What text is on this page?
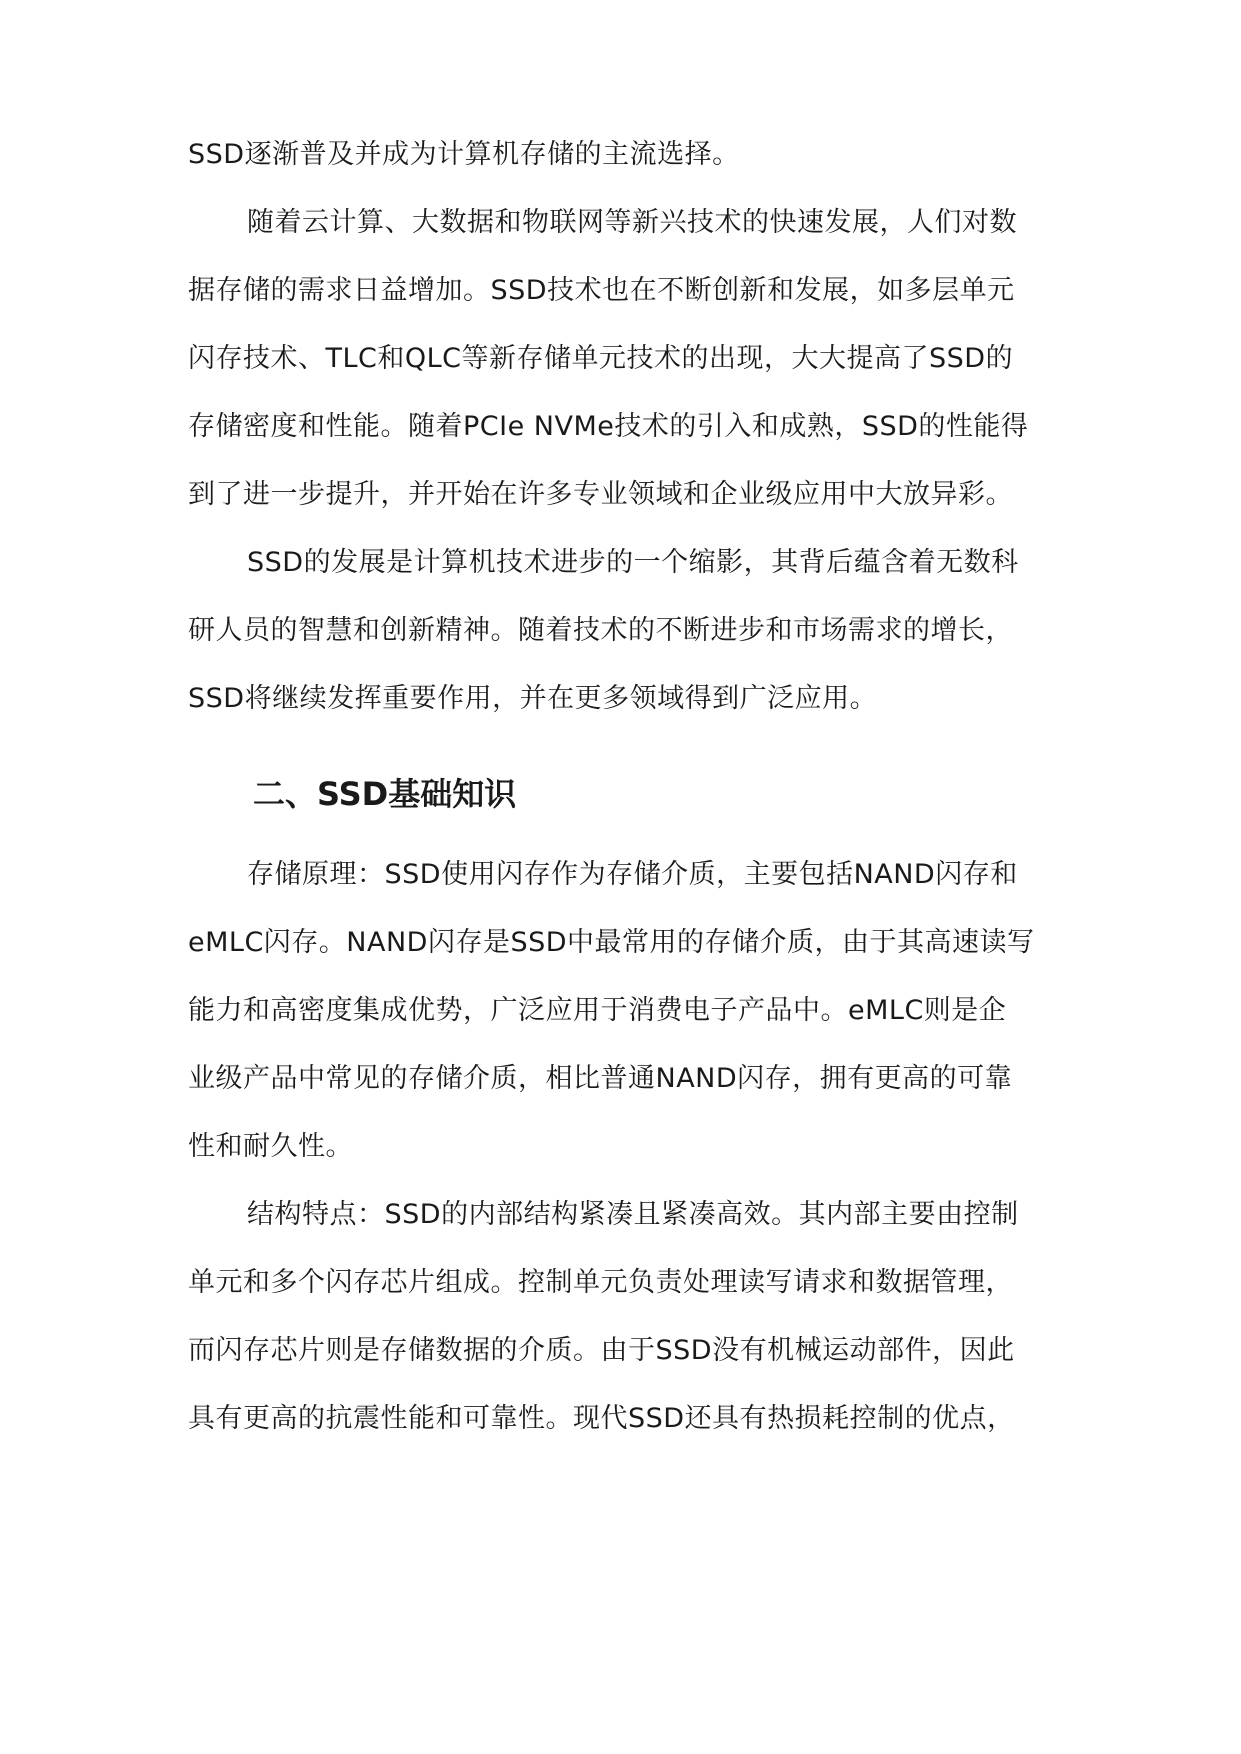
SSD逐渐普及并成为计算机存储的主流选择。
随着云计算、大数据和物联网等新兴技术的快速发展，人们对数
据存储的需求日益增加。SSD技术也在不断创新和发展，如多层单元
闪存技术、TLC和QLC等新存储单元技术的出现，大大提高了SSD的
存储密度和性能。随着PCIe NVMe技术的引入和成熟，SSD的性能得
到了进一步提升，并开始在许多专业领域和企业级应用中大放异彩。
SSD的发展是计算机技术进步的一个缩影，其背后蕴含着无数科
研人员的智慧和创新精神。随着技术的不断进步和市场需求的增长，
SSD将继续发挥重要作用，并在更多领域得到广泛应用。
二、SSD基础知识
存储原理：SSD使用闪存作为存储介质，主要包括NAND闪存和
eMLC闪存。NAND闪存是SSD中最常用的存储介质，由于其高速读写
能力和高密度集成优势，广泛应用于消费电子产品中。eMLC则是企
业级产品中常见的存储介质，相比普通NAND闪存，拥有更高的可靠
性和耐久性。
结构特点：SSD的内部结构紧凑且紧凑高效。其内部主要由控制
单元和多个闪存芯片组成。控制单元负责处理读写请求和数据管理，
而闪存芯片则是存储数据的介质。由于SSD没有机械运动部件，因此
具有更高的抗震性能和可靠性。现代SSD还具有热损耗控制的优点，
